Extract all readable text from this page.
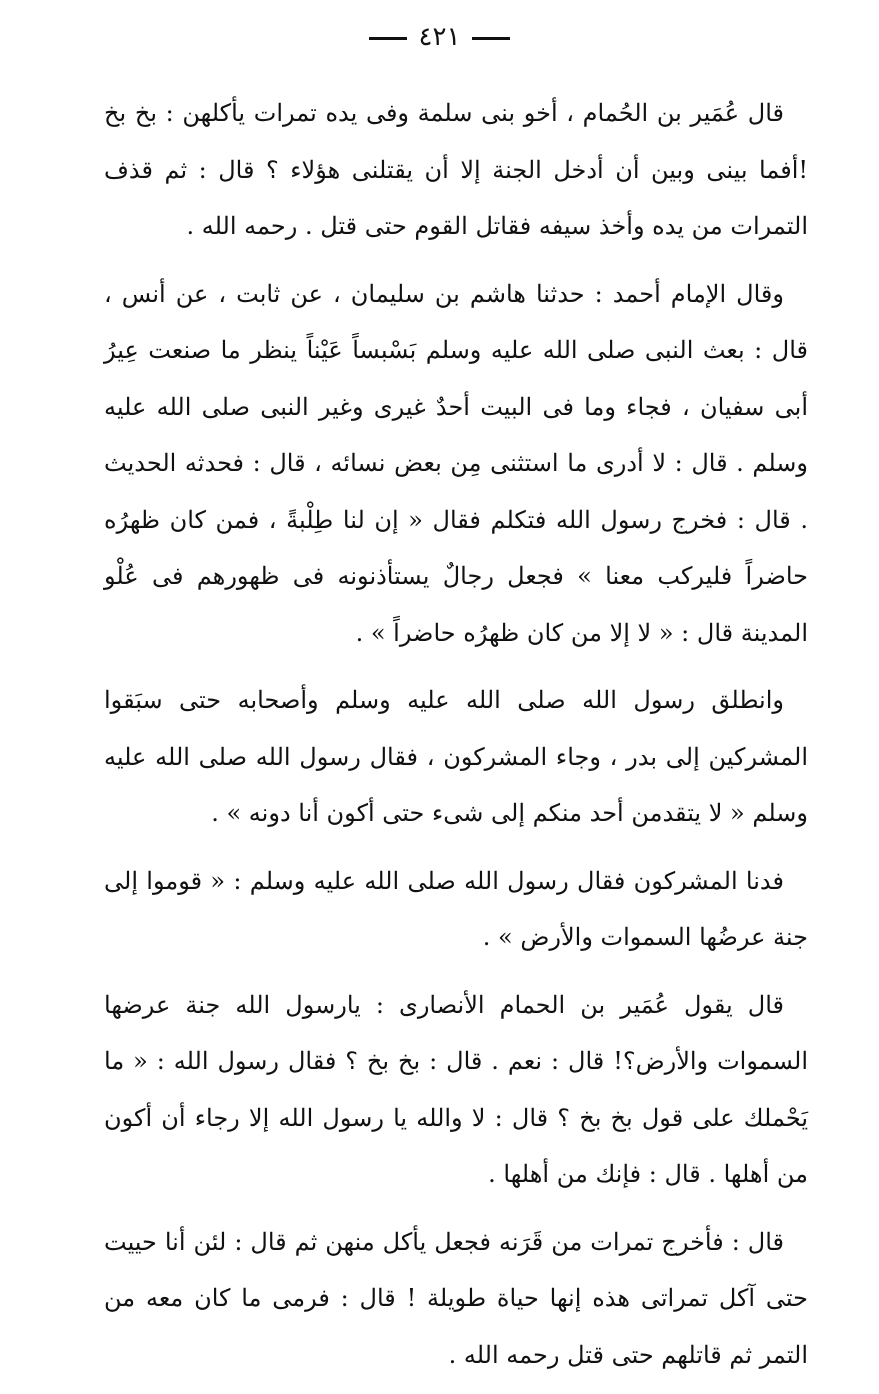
٤٢١

قال عُمَير بن الحُمام ، أخو بنى سلمة وفى يده تمرات يأكلهن : بخ بخ !أفما بينى وبين أن أدخل الجنة إلا أن يقتلنى هؤلاء ؟ قال : ثم قذف التمرات من يده وأخذ سيفه فقاتل القوم حتى قتل . رحمه الله .

وقال الإمام أحمد : حدثنا هاشم بن سليمان ، عن ثابت ، عن أنس ، قال : بعث النبى صلى الله عليه وسلم بَسْبساً عَيْناً ينظر ما صنعت عِيرُ أبى سفيان ، فجاء وما فى البيت أحدٌ غيرى وغير النبى صلى الله عليه وسلم . قال : لا أدرى ما استثنى مِن بعض نسائه ، قال : فحدثه الحديث . قال : فخرج رسول الله فتكلم فقال « إن لنا طِلْبةً ، فمن كان ظهرُه حاضراً فليركب معنا » فجعل رجالٌ يستأذنونه فى ظهورهم فى عُلْو المدينة قال : « لا إلا من كان ظهرُه حاضراً » .

وانطلق رسول الله صلى الله عليه وسلم وأصحابه حتى سبَقوا المشركين إلى بدر ، وجاء المشركون ، فقال رسول الله صلى الله عليه وسلم « لا يتقدمن أحد منكم إلى شىء حتى أكون أنا دونه » .

فدنا المشركون فقال رسول الله صلى الله عليه وسلم : « قوموا إلى جنة عرضُها السموات والأرض » .

قال يقول عُمَير بن الحمام الأنصارى : يارسول الله جنة عرضها السموات والأرض؟! قال : نعم . قال : بخ بخ ؟ فقال رسول الله : « ما يَحْملك على قول بخ بخ ؟ قال : لا والله يا رسول الله إلا رجاء أن أكون من أهلها . قال : فإنك من أهلها .

قال : فأخرج تمرات من قَرَنه فجعل يأكل منهن ثم قال : لئن أنا حييت حتى آكل تمراتى هذه إنها حياة طويلة ! قال : فرمى ما كان معه من التمر ثم قاتلهم حتى قتل رحمه الله .
